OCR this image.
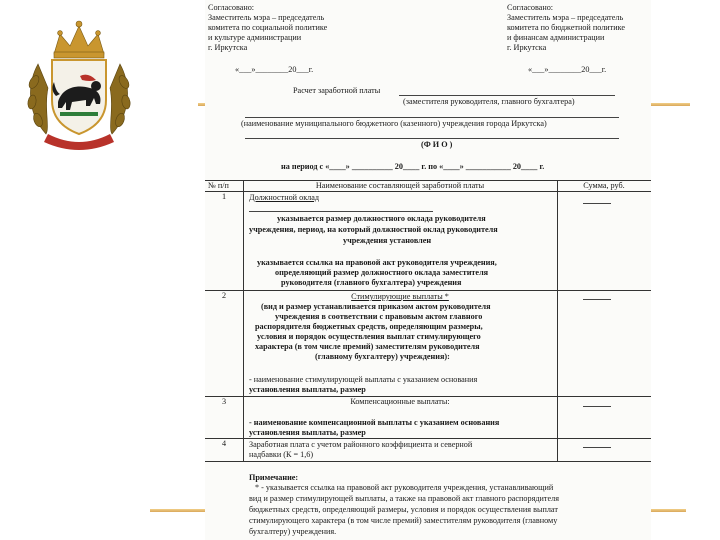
Согласовано:
Заместитель мэра – председатель
комитета по социальной политике
и культуре администрации
г. Иркутска
«___»________20___г.
Согласовано:
Заместитель мэра – председатель
комитета по бюджетной политике
и финансам администрации
г. Иркутска
«___»________20___г.
Расчет заработной платы
(заместителя руководителя, главного бухгалтера)
(наименование муниципального бюджетного (казенного) учреждения города Иркутска)
(Ф И О )
на период с «____» __________ 20____ г. по «____» ___________ 20____ г.
№ п/п	Наименование составляющей заработной платы	Сумма, руб.
1	Должностной оклад
указывается размер должностного оклада руководителя
учреждения, период, на который должностной оклад руководителя
учреждения установлен
указывается ссылка на правовой акт руководителя учреждения,
определяющий размер должностного оклада заместителя
руководителя (главного бухгалтера) учреждения
2	Стимулирующие выплаты *
(вид и размер устанавливается приказом актом руководителя
учреждения в соответствии с правовым актом главного
распорядителя бюджетных средств, определяющим размеры,
условия и порядок осуществления выплат стимулирующего
характера (в том числе премий) заместителям руководителя
(главному бухгалтеру) учреждения):
- наименование стимулирующей выплаты с указанием основания
установления выплаты, размер
3	Компенсационные выплаты:
- наименование компенсационной выплаты с указанием основания
установления выплаты, размер
4	Заработная плата с учетом районного коэффициента и северной
надбавки (К = 1,6)
Примечание:
* - указывается ссылка на правовой акт руководителя учреждения, устанавливающий
вид и размер стимулирующей выплаты, а также на правовой акт главного распорядителя
бюджетных средств, определяющий размеры, условия и порядок осуществления выплат
стимулирующего характера (в том числе премий) заместителям руководителя (главному
бухгалтеру) учреждения.
